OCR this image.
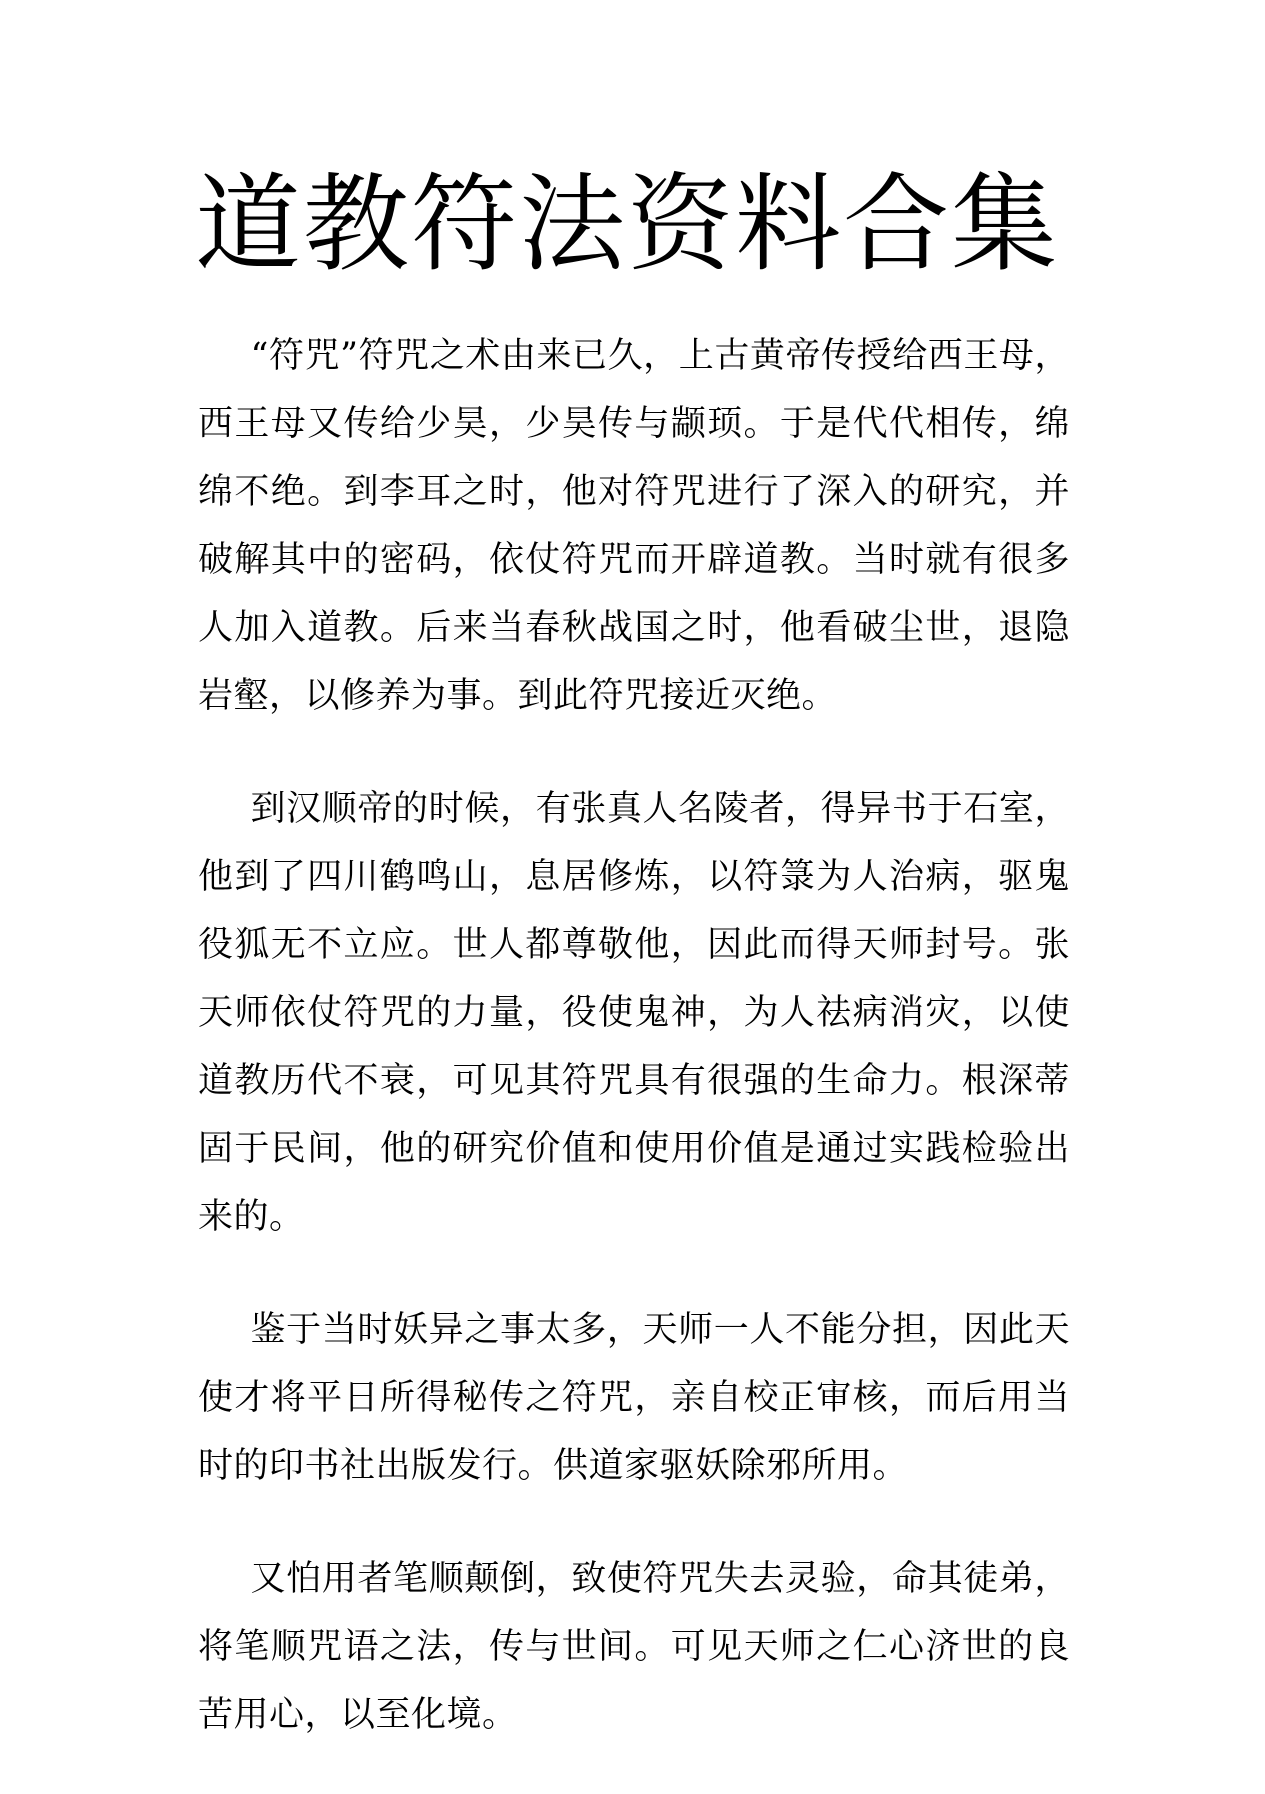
道教符法资料合集

“符咒”符咒之术由来已久，上古黄帝传授给西王母，西王母又传给少昊，少昊传与颛顼。于是代代相传，绵绵不绝。到李耳之时，他对符咒进行了深入的研究，并破解其中的密码，依仗符咒而开辟道教。当时就有很多人加入道教。后来当春秋战国之时，他看破尘世，退隐岩壑，以修养为事。到此符咒接近灭绝。

到汉顺帝的时候，有张真人名陵者，得异书于石室，他到了四川鹤鸣山，息居修炼，以符箓为人治病，驱鬼役狐无不立应。世人都尊敬他，因此而得天师封号。张天师依仗符咒的力量，役使鬼神，为人祛病消灾，以使道教历代不衰，可见其符咒具有很强的生命力。根深蒂固于民间，他的研究价值和使用价值是通过实践检验出来的。

鉴于当时妖异之事太多，天师一人不能分担，因此天使才将平日所得秘传之符咒，亲自校正审核，而后用当时的印书社出版发行。供道家驱妖除邪所用。

又怕用者笔顺颠倒，致使符咒失去灵验，命其徒弟，将笔顺咒语之法，传与世间。可见天师之仁心济世的良苦用心，以至化境。
